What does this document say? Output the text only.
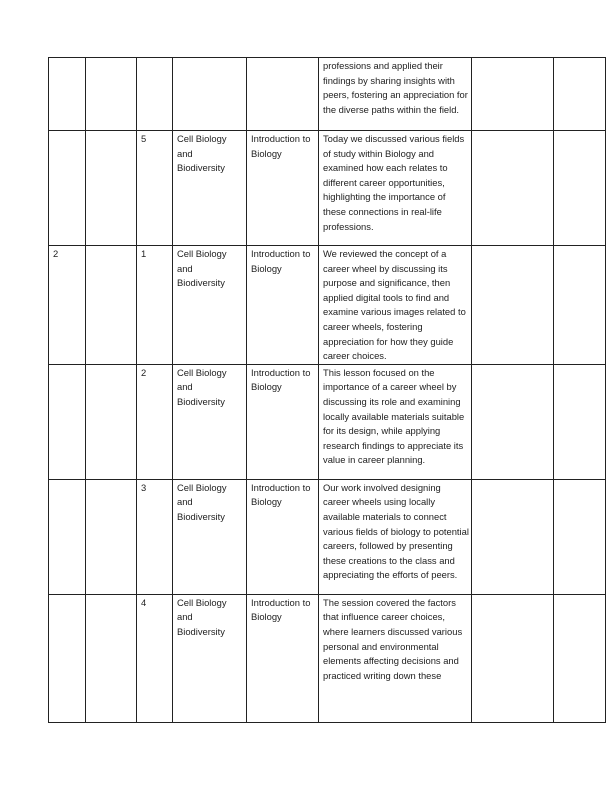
					professions and applied their findings by sharing insights with peers, fostering an appreciation for the diverse paths within the field.		
		5	Cell Biology and Biodiversity	Introduction to Biology	Today we discussed various fields of study within Biology and examined how each relates to different career opportunities, highlighting the importance of these connections in real-life professions.		
2		1	Cell Biology and Biodiversity	Introduction to Biology	We reviewed the concept of a career wheel by discussing its purpose and significance, then applied digital tools to find and examine various images related to career wheels, fostering appreciation for how they guide career choices.		
		2	Cell Biology and Biodiversity	Introduction to Biology	This lesson focused on the importance of a career wheel by discussing its role and examining locally available materials suitable for its design, while applying research findings to appreciate its value in career planning.		
		3	Cell Biology and Biodiversity	Introduction to Biology	Our work involved designing career wheels using locally available materials to connect various fields of biology to potential careers, followed by presenting these creations to the class and appreciating the efforts of peers.		
		4	Cell Biology and Biodiversity	Introduction to Biology	The session covered the factors that influence career choices, where learners discussed various personal and environmental elements affecting decisions and practiced writing down these		
